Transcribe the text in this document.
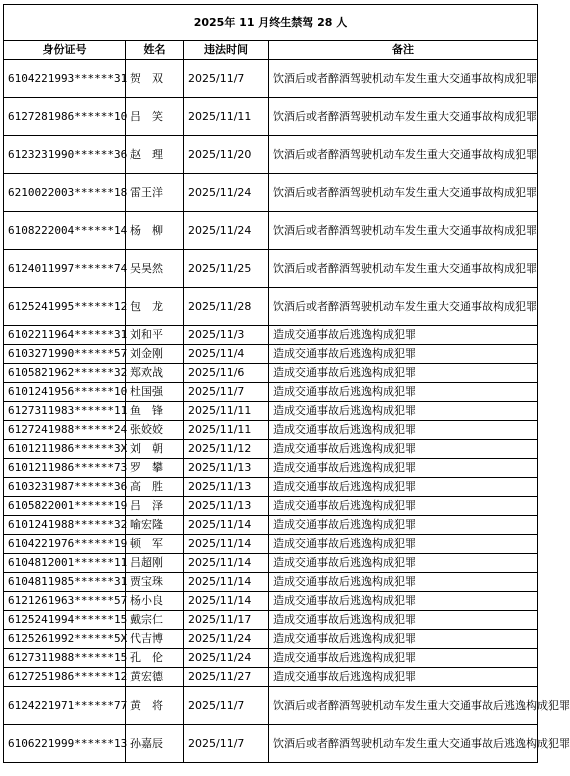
2025年 11 月终生禁驾 28 人			
身份证号	姓名	违法时间	备注
6104221993******31	贺　双	2025/11/7	饮酒后或者醉酒驾驶机动车发生重大交通事故构成犯罪
6127281986******10	吕　笑	2025/11/11	饮酒后或者醉酒驾驶机动车发生重大交通事故构成犯罪
6123231990******36	赵　理	2025/11/20	饮酒后或者醉酒驾驶机动车发生重大交通事故构成犯罪
6210022003******18	雷王洋	2025/11/24	饮酒后或者醉酒驾驶机动车发生重大交通事故构成犯罪
6108222004******14	杨　柳	2025/11/24	饮酒后或者醉酒驾驶机动车发生重大交通事故构成犯罪
6124011997******74	吴昊然	2025/11/25	饮酒后或者醉酒驾驶机动车发生重大交通事故构成犯罪
6125241995******12	包　龙	2025/11/28	饮酒后或者醉酒驾驶机动车发生重大交通事故构成犯罪
6102211964******31	刘和平	2025/11/3	造成交通事故后逃逸构成犯罪
6103271990******57	刘金刚	2025/11/4	造成交通事故后逃逸构成犯罪
6105821962******32	郑欢战	2025/11/6	造成交通事故后逃逸构成犯罪
6101241956******10	杜国强	2025/11/7	造成交通事故后逃逸构成犯罪
6127311983******11	鱼　锋	2025/11/11	造成交通事故后逃逸构成犯罪
6127241988******24	张姣姣	2025/11/11	造成交通事故后逃逸构成犯罪
6101211986******3X	刘　朝	2025/11/12	造成交通事故后逃逸构成犯罪
6101211986******73	罗　攀	2025/11/13	造成交通事故后逃逸构成犯罪
6103231987******36	高　胜	2025/11/13	造成交通事故后逃逸构成犯罪
6105822001******19	吕　泽	2025/11/13	造成交通事故后逃逸构成犯罪
6101241988******32	喻宏隆	2025/11/14	造成交通事故后逃逸构成犯罪
6104221976******19	顿　军	2025/11/14	造成交通事故后逃逸构成犯罪
6104812001******11	吕超刚	2025/11/14	造成交通事故后逃逸构成犯罪
6104811985******31	贾宝珠	2025/11/14	造成交通事故后逃逸构成犯罪
6121261963******57	杨小良	2025/11/14	造成交通事故后逃逸构成犯罪
6125241994******15	戴宗仁	2025/11/17	造成交通事故后逃逸构成犯罪
6125261992******5X	代吉博	2025/11/24	造成交通事故后逃逸构成犯罪
6127311988******15	孔　伦	2025/11/24	造成交通事故后逃逸构成犯罪
6127251986******12	黄宏德	2025/11/27	造成交通事故后逃逸构成犯罪
6124221971******77	黄　将	2025/11/7	饮酒后或者醉酒驾驶机动车发生重大交通事故后逃逸构成犯罪
6106221999******13	孙嘉辰	2025/11/7	饮酒后或者醉酒驾驶机动车发生重大交通事故后逃逸构成犯罪
